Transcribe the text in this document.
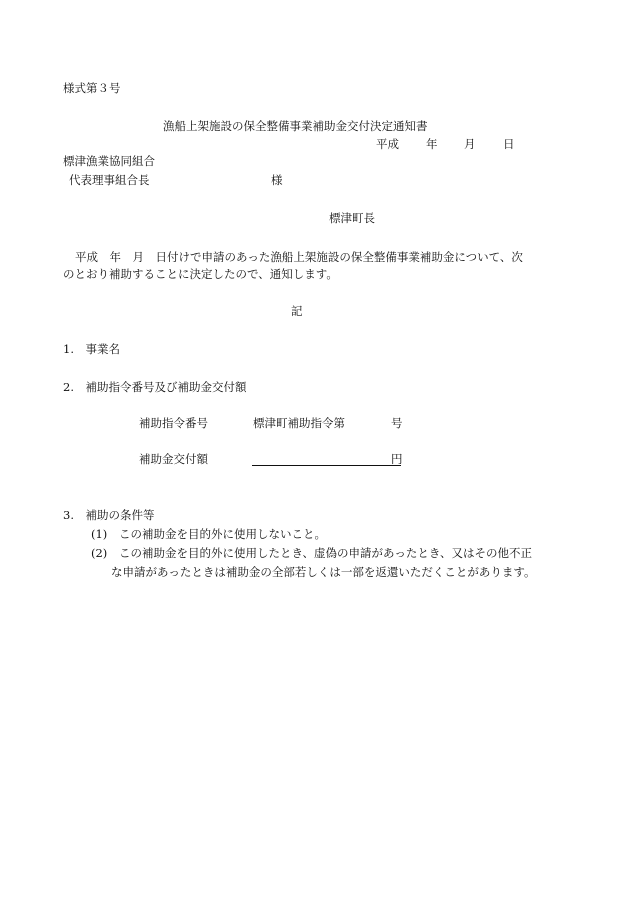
様式第３号
漁船上架施設の保全整備事業補助金交付決定通知書
平成 年 月 日
標津漁業協同組合
代表理事組合長	様
標津町長
平成　年　月　日付けで申請のあった漁船上架施設の保全整備事業補助金について、次
のとおり補助することに決定したので、通知します。
記
1.　事業名
2.　補助指令番号及び補助金交付額
補助指令番号	標津町補助指令第	号
補助金交付額	円
3.　補助の条件等
(1) この補助金を目的外に使用しないこと。
(2) この補助金を目的外に使用したとき、虚偽の申請があったとき、又はその他不正
な申請があったときは補助金の全部若しくは一部を返還いただくことがあります。
